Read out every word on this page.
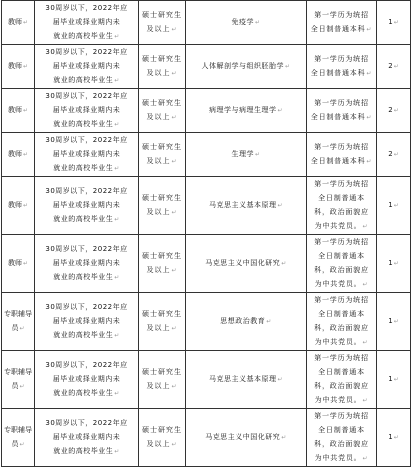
教师↵	30周岁以下，2022年应
届毕业或择业期内未
就业的高校毕业生↵	硕士研究生
及以上↵	免疫学↵	第一学历为统招
全日制普通本科↵	1↵
教师↵	30周岁以下，2022年应
届毕业或择业期内未
就业的高校毕业生↵	硕士研究生
及以上↵	人体解剖学与组织胚胎学↵	第一学历为统招
全日制普通本科↵	2↵
教师↵	30周岁以下，2022年应
届毕业或择业期内未
就业的高校毕业生↵	硕士研究生
及以上↵	病理学与病理生理学↵	第一学历为统招
全日制普通本科↵	2↵
教师↵	30周岁以下，2022年应
届毕业或择业期内未
就业的高校毕业生↵	硕士研究生
及以上↵	生理学↵	第一学历为统招
全日制普通本科↵	2↵
教师↵	30周岁以下，2022年应
届毕业或择业期内未
就业的高校毕业生↵	硕士研究生
及以上↵	马克思主义基本原理↵	第一学历为统招
全日制普通本
科，政治面貌应
为中共党员。↵	1↵
教师↵	30周岁以下，2022年应
届毕业或择业期内未
就业的高校毕业生↵	硕士研究生
及以上↵	马克思主义中国化研究↵	第一学历为统招
全日制普通本
科，政治面貌应
为中共党员。↵	1↵
专职辅导员↵	30周岁以下，2022年应
届毕业或择业期内未
就业的高校毕业生↵	硕士研究生
及以上↵	思想政治教育↵	第一学历为统招
全日制普通本
科，政治面貌应
为中共党员。↵	1↵
专职辅导员↵	30周岁以下，2022年应
届毕业或择业期内未
就业的高校毕业生↵	硕士研究生
及以上↵	马克思主义基本原理↵	第一学历为统招
全日制普通本
科，政治面貌应
为中共党员。↵	1↵
专职辅导员↵	30周岁以下，2022年应
届毕业或择业期内未
就业的高校毕业生↵	硕士研究生
及以上↵	马克思主义中国化研究↵	第一学历为统招
全日制普通本
科，政治面貌应
为中共党员。↵	1↵
